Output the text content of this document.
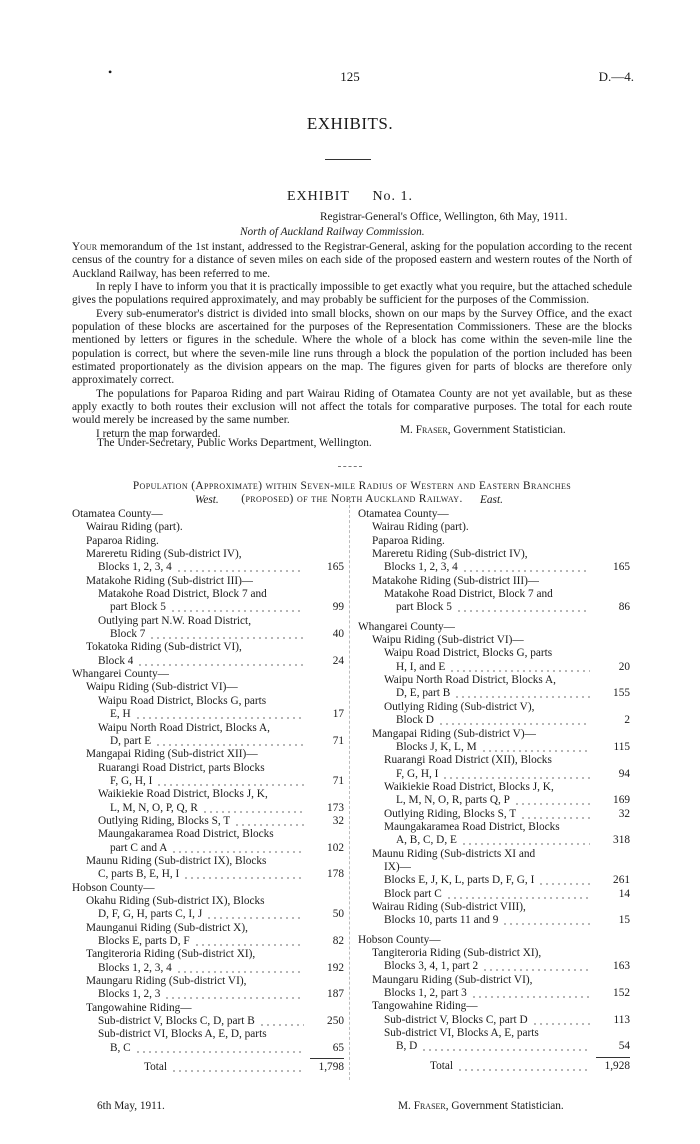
•	125	D.—4.
EXHIBITS.
EXHIBIT No. 1.
Registrar-General's Office, Wellington, 6th May, 1911.
North of Auckland Railway Commission.

Your memorandum of the 1st instant, addressed to the Registrar-General, asking for the population according to the recent census of the country for a distance of seven miles on each side of the proposed eastern and western routes of the North of Auckland Railway, has been referred to me.

In reply I have to inform you that it is practically impossible to get exactly what you require, but the attached schedule gives the populations required approximately, and may probably be sufficient for the purposes of the Commission.

Every sub-enumerator's district is divided into small blocks, shown on our maps by the Survey Office, and the exact population of these blocks are ascertained for the purposes of the Representation Commissioners. These are the blocks mentioned by letters or figures in the schedule. Where the whole of a block has come within the seven-mile line the population is correct, but where the seven-mile line runs through a block the population of the portion included has been estimated proportionately as the division appears on the map. The figures given for parts of blocks are therefore only approximately correct.

The populations for Paparoa Riding and part Wairau Riding of Otamatea County are not yet available, but as these apply exactly to both routes their exclusion will not affect the totals for comparative purposes. The total for each route would merely be increased by the same number.

I return the map forwarded.	M. Fraser, Government Statistician.
The Under-Secretary, Public Works Department, Wellington.
Population (Approximate) within Seven-mile Radius of Western and Eastern Branches
(proposed) of the North Auckland Railway.
West.	East.
Otamatea County—
Wairau Riding (part).
Paparoa Riding.
Mareretu Riding (Sub-district IV),
Blocks 1, 2, 3, 4	165
Matakohe Riding (Sub-district III)—
Matakohe Road District, Block 7 and
part Block 5	99
Outlying part N.W. Road District,
Block 7	40
Tokatoka Riding (Sub-district VI),
Block 4	24
Whangarei County—
Waipu Riding (Sub-district VI)—
Waipu Road District, Blocks G, parts
E, H	17
Waipu North Road District, Blocks A,
D, part E	71
Mangapai Riding (Sub-district XII)—
Ruarangi Road District, parts Blocks
F, G, H, I	71
Waikiekie Road District, Blocks J, K,
L, M, N, O, P, Q, R	173
Outlying Riding, Blocks S, T	32
Maungakaramea Road District, Blocks
part C and A	102
Maunu Riding (Sub-district IX), Blocks
C, parts B, E, H, I	178
Hobson County—
Okahu Riding (Sub-district IX), Blocks
D, F, G, H, parts C, I, J	50
Maunganui Riding (Sub-district X),
Blocks E, parts D, F	82
Tangiteroria Riding (Sub-district XI),
Blocks 1, 2, 3, 4	192
Maungaru Riding (Sub-district VI),
Blocks 1, 2, 3	187
Tangowahine Riding—
Sub-district V, Blocks C, D, part B	250
Sub-district VI, Blocks A, E, D, parts
B, C	65
Total	1,798
Otamatea County—
Wairau Riding (part).
Paparoa Riding.
Mareretu Riding (Sub-district IV),
Blocks 1, 2, 3, 4	165
Matakohe Riding (Sub-district III)—
Matakohe Road District, Block 7 and
part Block 5	86
Whangarei County—
Waipu Riding (Sub-district VI)—
Waipu Road District, Blocks G, parts
H, I, and E	20
Waipu North Road District, Blocks A,
D, E, part B	155
Outlying Riding (Sub-district V),
Block D	2
Mangapai Riding (Sub-district V)—
Blocks J, K, L, M	115
Ruarangi Road District (XII), Blocks
F, G, H, I	94
Waikiekie Road District, Blocks J, K,
L, M, N, O, R, parts Q, P	169
Outlying Riding, Blocks S, T	32
Maungakaramea Road District, Blocks
A, B, C, D, E	318
Maunu Riding (Sub-districts XI and
IX)—
Blocks E, J, K, L, parts D, F, G, I	261
Block part C	14
Wairau Riding (Sub-district VIII),
Blocks 10, parts 11 and 9	15
Hobson County—
Tangiteroria Riding (Sub-district XI),
Blocks 3, 4, 1, part 2	163
Maungaru Riding (Sub-district VI),
Blocks 1, 2, part 3	152
Tangowahine Riding—
Sub-district V, Blocks C, part D	113
Sub-district VI, Blocks A, E, parts
B, D	54
Total	1,928
6th May, 1911.	M. Fraser, Government Statistician.
